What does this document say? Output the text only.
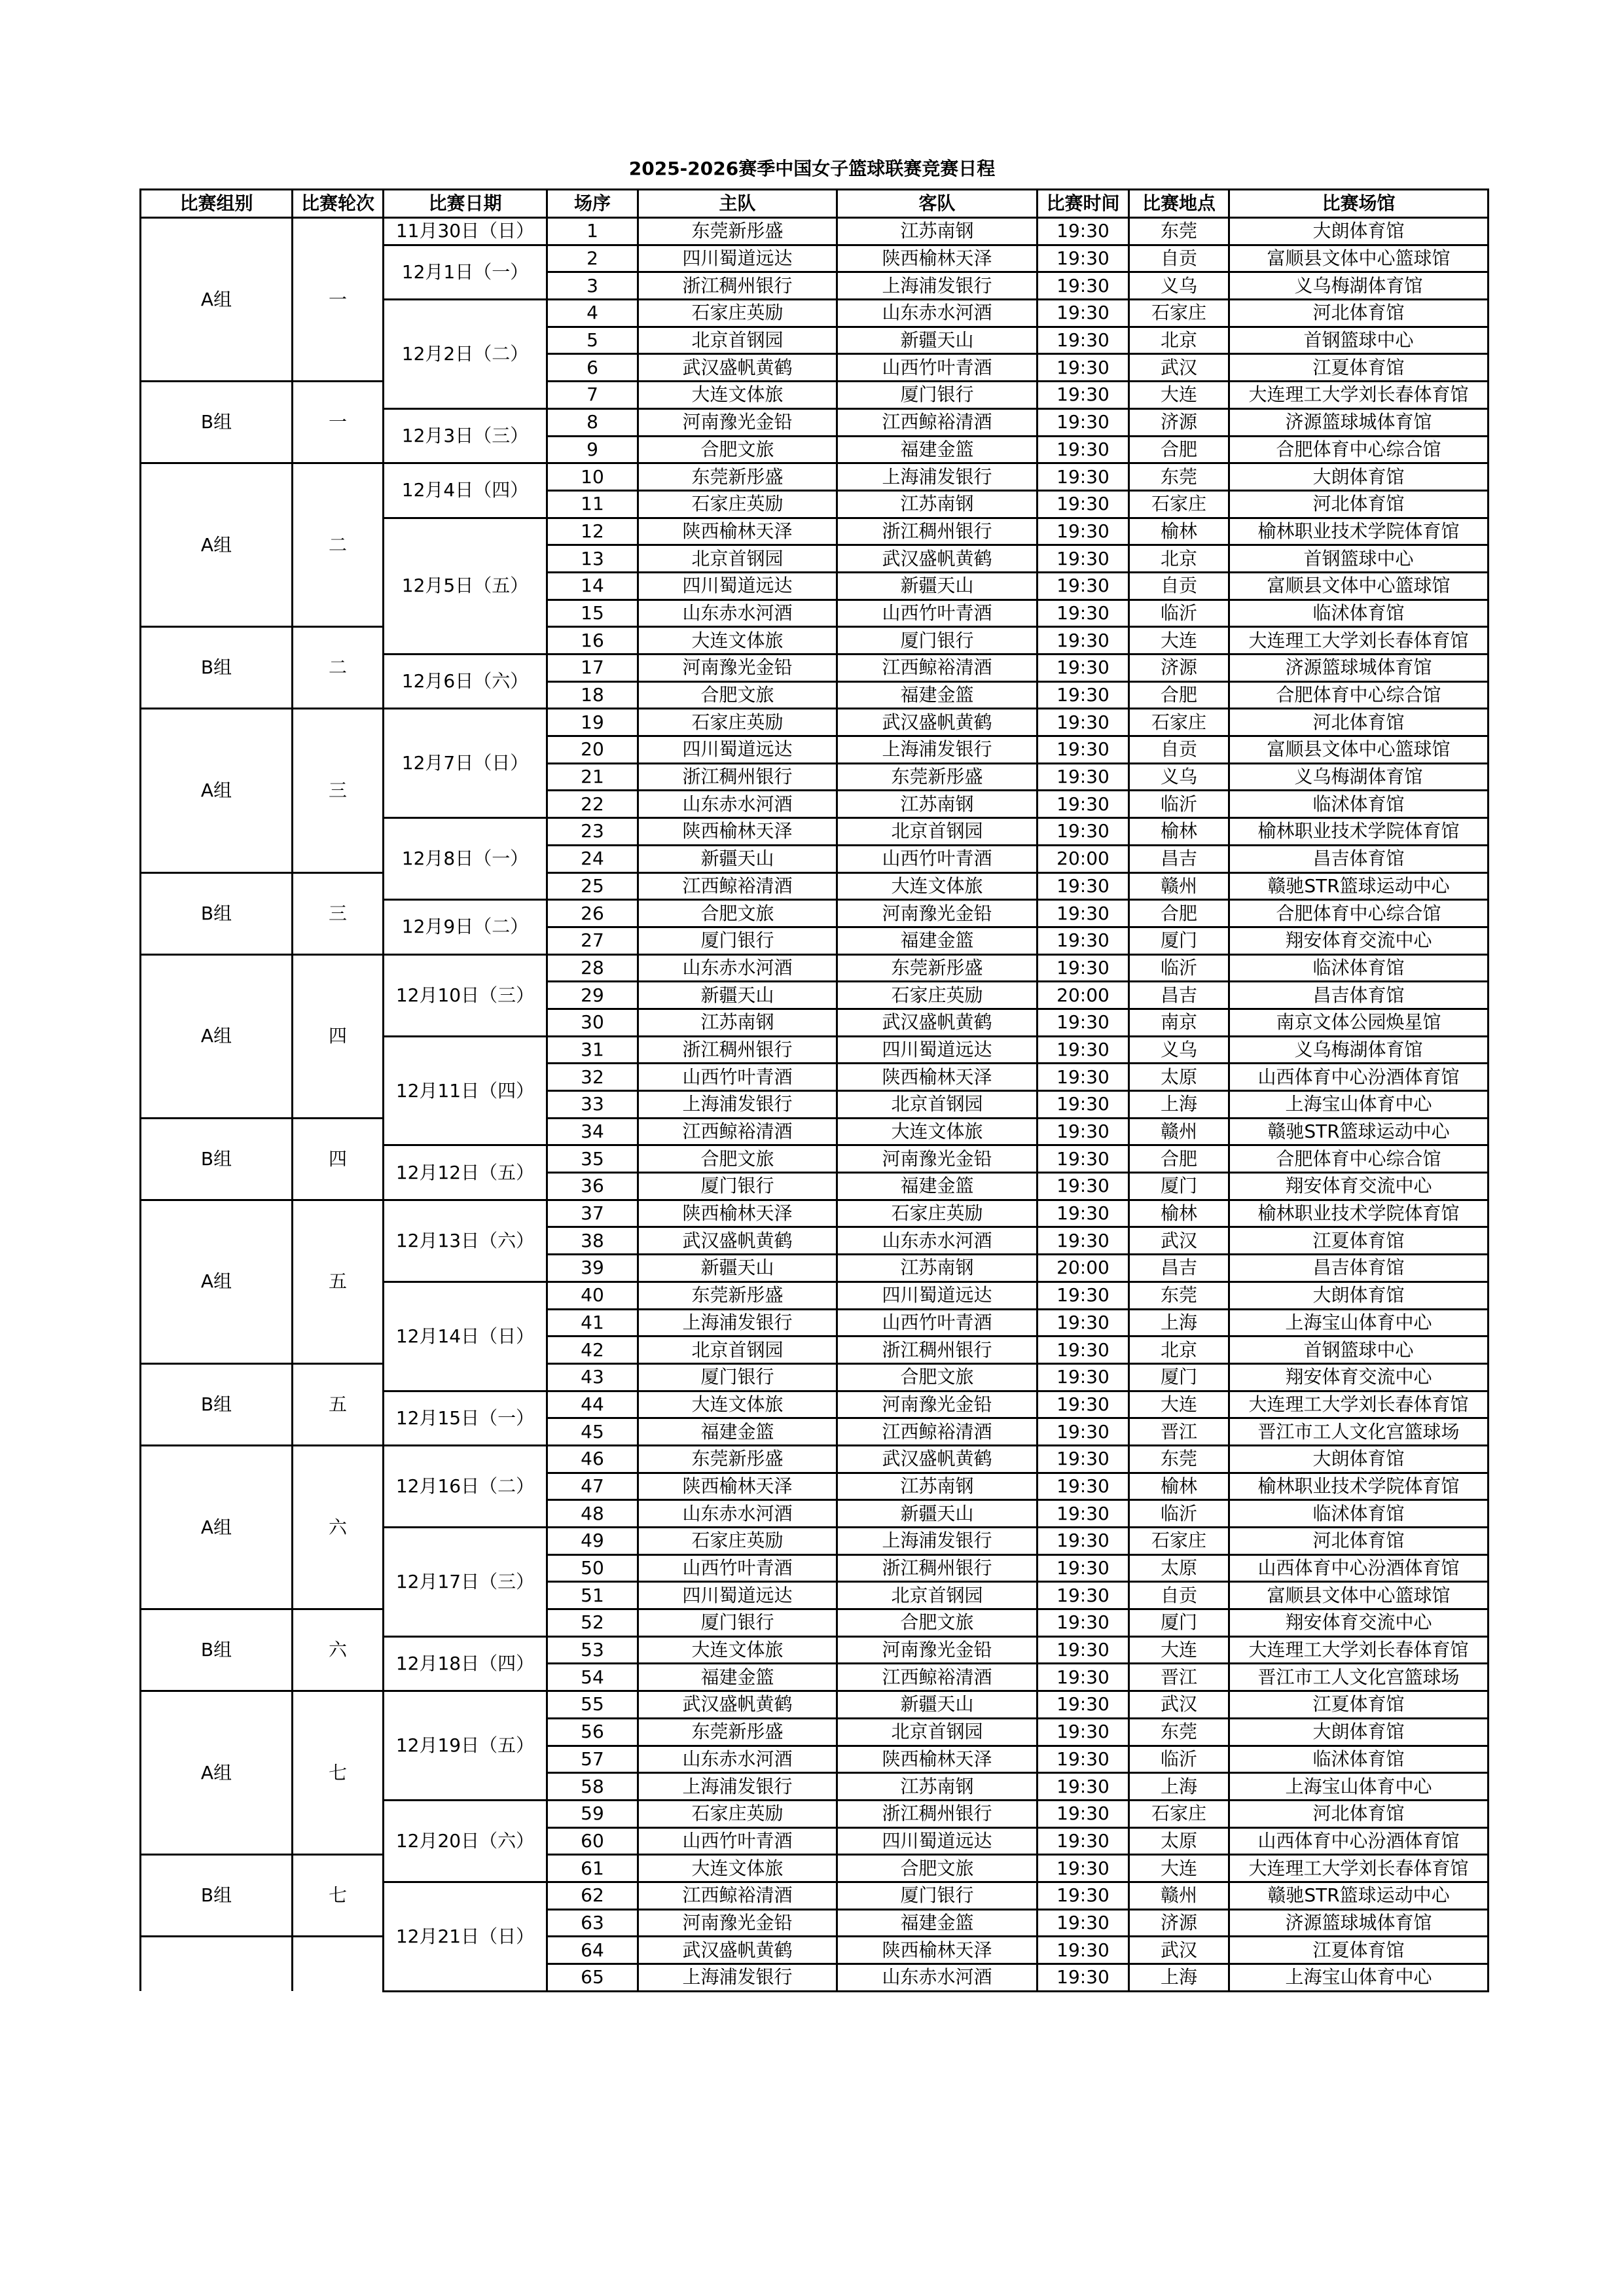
2025-2026赛季中国女子篮球联赛竞赛日程
比赛组别	比赛轮次	比赛日期	场序	主队	客队	比赛时间	比赛地点	比赛场馆
A组	一	11月30日（日）	1	东莞新彤盛	江苏南钢	19:30	东莞	大朗体育馆
		12月1日（一）	2	四川蜀道远达	陕西榆林天泽	19:30	自贡	富顺县文体中心篮球馆
			3	浙江稠州银行	上海浦发银行	19:30	义乌	义乌梅湖体育馆
		12月2日（二）	4	石家庄英励	山东赤水河酒	19:30	石家庄	河北体育馆
			5	北京首钢园	新疆天山	19:30	北京	首钢篮球中心
			6	武汉盛帆黄鹤	山西竹叶青酒	19:30	武汉	江夏体育馆
B组	一		7	大连文体旅	厦门银行	19:30	大连	大连理工大学刘长春体育馆
		12月3日（三）	8	河南豫光金铅	江西鲸裕清酒	19:30	济源	济源篮球城体育馆
			9	合肥文旅	福建金篮	19:30	合肥	合肥体育中心综合馆
A组	二	12月4日（四）	10	东莞新彤盛	上海浦发银行	19:30	东莞	大朗体育馆
			11	石家庄英励	江苏南钢	19:30	石家庄	河北体育馆
		12月5日（五）	12	陕西榆林天泽	浙江稠州银行	19:30	榆林	榆林职业技术学院体育馆
			13	北京首钢园	武汉盛帆黄鹤	19:30	北京	首钢篮球中心
			14	四川蜀道远达	新疆天山	19:30	自贡	富顺县文体中心篮球馆
			15	山东赤水河酒	山西竹叶青酒	19:30	临沂	临沭体育馆
B组	二		16	大连文体旅	厦门银行	19:30	大连	大连理工大学刘长春体育馆
		12月6日（六）	17	河南豫光金铅	江西鲸裕清酒	19:30	济源	济源篮球城体育馆
			18	合肥文旅	福建金篮	19:30	合肥	合肥体育中心综合馆
A组	三	12月7日（日）	19	石家庄英励	武汉盛帆黄鹤	19:30	石家庄	河北体育馆
			20	四川蜀道远达	上海浦发银行	19:30	自贡	富顺县文体中心篮球馆
			21	浙江稠州银行	东莞新彤盛	19:30	义乌	义乌梅湖体育馆
			22	山东赤水河酒	江苏南钢	19:30	临沂	临沭体育馆
		12月8日（一）	23	陕西榆林天泽	北京首钢园	19:30	榆林	榆林职业技术学院体育馆
			24	新疆天山	山西竹叶青酒	20:00	昌吉	昌吉体育馆
B组	三		25	江西鲸裕清酒	大连文体旅	19:30	赣州	赣驰STR篮球运动中心
		12月9日（二）	26	合肥文旅	河南豫光金铅	19:30	合肥	合肥体育中心综合馆
			27	厦门银行	福建金篮	19:30	厦门	翔安体育交流中心
A组	四	12月10日（三）	28	山东赤水河酒	东莞新彤盛	19:30	临沂	临沭体育馆
			29	新疆天山	石家庄英励	20:00	昌吉	昌吉体育馆
			30	江苏南钢	武汉盛帆黄鹤	19:30	南京	南京文体公园焕星馆
		12月11日（四）	31	浙江稠州银行	四川蜀道远达	19:30	义乌	义乌梅湖体育馆
			32	山西竹叶青酒	陕西榆林天泽	19:30	太原	山西体育中心汾酒体育馆
			33	上海浦发银行	北京首钢园	19:30	上海	上海宝山体育中心
B组	四		34	江西鲸裕清酒	大连文体旅	19:30	赣州	赣驰STR篮球运动中心
		12月12日（五）	35	合肥文旅	河南豫光金铅	19:30	合肥	合肥体育中心综合馆
			36	厦门银行	福建金篮	19:30	厦门	翔安体育交流中心
A组	五	12月13日（六）	37	陕西榆林天泽	石家庄英励	19:30	榆林	榆林职业技术学院体育馆
			38	武汉盛帆黄鹤	山东赤水河酒	19:30	武汉	江夏体育馆
			39	新疆天山	江苏南钢	20:00	昌吉	昌吉体育馆
		12月14日（日）	40	东莞新彤盛	四川蜀道远达	19:30	东莞	大朗体育馆
			41	上海浦发银行	山西竹叶青酒	19:30	上海	上海宝山体育中心
			42	北京首钢园	浙江稠州银行	19:30	北京	首钢篮球中心
B组	五		43	厦门银行	合肥文旅	19:30	厦门	翔安体育交流中心
		12月15日（一）	44	大连文体旅	河南豫光金铅	19:30	大连	大连理工大学刘长春体育馆
			45	福建金篮	江西鲸裕清酒	19:30	晋江	晋江市工人文化宫篮球场
A组	六	12月16日（二）	46	东莞新彤盛	武汉盛帆黄鹤	19:30	东莞	大朗体育馆
			47	陕西榆林天泽	江苏南钢	19:30	榆林	榆林职业技术学院体育馆
			48	山东赤水河酒	新疆天山	19:30	临沂	临沭体育馆
		12月17日（三）	49	石家庄英励	上海浦发银行	19:30	石家庄	河北体育馆
			50	山西竹叶青酒	浙江稠州银行	19:30	太原	山西体育中心汾酒体育馆
			51	四川蜀道远达	北京首钢园	19:30	自贡	富顺县文体中心篮球馆
B组	六		52	厦门银行	合肥文旅	19:30	厦门	翔安体育交流中心
		12月18日（四）	53	大连文体旅	河南豫光金铅	19:30	大连	大连理工大学刘长春体育馆
			54	福建金篮	江西鲸裕清酒	19:30	晋江	晋江市工人文化宫篮球场
A组	七	12月19日（五）	55	武汉盛帆黄鹤	新疆天山	19:30	武汉	江夏体育馆
			56	东莞新彤盛	北京首钢园	19:30	东莞	大朗体育馆
			57	山东赤水河酒	陕西榆林天泽	19:30	临沂	临沭体育馆
			58	上海浦发银行	江苏南钢	19:30	上海	上海宝山体育中心
		12月20日（六）	59	石家庄英励	浙江稠州银行	19:30	石家庄	河北体育馆
			60	山西竹叶青酒	四川蜀道远达	19:30	太原	山西体育中心汾酒体育馆
B组	七		61	大连文体旅	合肥文旅	19:30	大连	大连理工大学刘长春体育馆
		12月21日（日）	62	江西鲸裕清酒	厦门银行	19:30	赣州	赣驰STR篮球运动中心
			63	河南豫光金铅	福建金篮	19:30	济源	济源篮球城体育馆
			64	武汉盛帆黄鹤	陕西榆林天泽	19:30	武汉	江夏体育馆
			65	上海浦发银行	山东赤水河酒	19:30	上海	上海宝山体育中心
